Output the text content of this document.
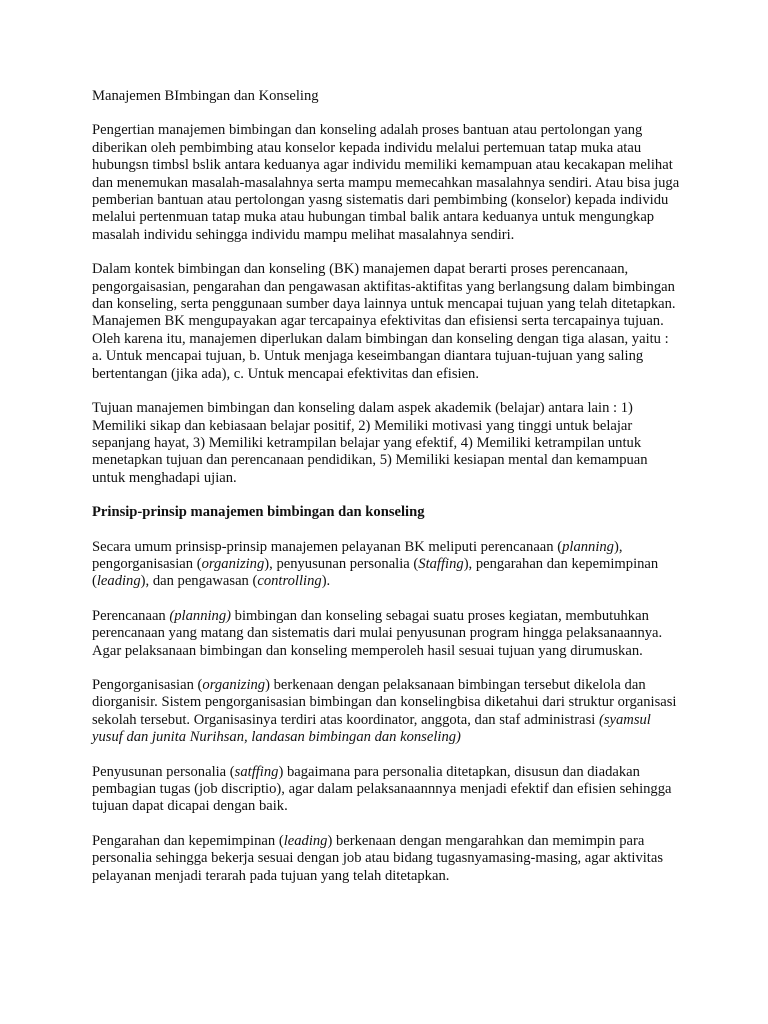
Manajemen BImbingan dan Konseling

Pengertian manajemen bimbingan dan konseling adalah proses bantuan atau pertolongan yang diberikan oleh pembimbing atau konselor kepada individu melalui pertemuan tatap muka atau hubungsn timbsl bslik antara keduanya agar individu memiliki kemampuan atau kecakapan melihat dan menemukan masalah-masalahnya serta mampu memecahkan masalahnya sendiri. Atau bisa juga pemberian bantuan atau pertolongan yasng sistematis dari pembimbing (konselor) kepada individu melalui pertenmuan tatap muka atau hubungan timbal balik antara keduanya untuk mengungkap masalah individu sehingga individu mampu melihat masalahnya sendiri.

Dalam kontek bimbingan dan konseling (BK) manajemen dapat berarti proses perencanaan, pengorgaisasian, pengarahan dan pengawasan aktifitas-aktifitas yang berlangsung dalam bimbingan dan konseling, serta penggunaan sumber daya lainnya untuk mencapai tujuan yang telah ditetapkan. Manajemen BK mengupayakan agar tercapainya efektivitas dan efisiensi serta tercapainya tujuan. Oleh karena itu, manajemen diperlukan dalam bimbingan dan konseling dengan tiga alasan, yaitu : a. Untuk mencapai tujuan, b. Untuk menjaga keseimbangan diantara tujuan-tujuan yang saling bertentangan (jika ada), c. Untuk mencapai efektivitas dan efisien.

Tujuan manajemen bimbingan dan konseling dalam aspek akademik (belajar) antara lain : 1) Memiliki sikap dan kebiasaan belajar positif, 2) Memiliki motivasi yang tinggi untuk belajar sepanjang hayat, 3) Memiliki ketrampilan belajar yang efektif, 4) Memiliki ketrampilan untuk menetapkan tujuan dan perencanaan pendidikan, 5) Memiliki kesiapan mental dan kemampuan untuk menghadapi ujian.

Prinsip-prinsip manajemen bimbingan dan konseling

Secara umum prinsisp-prinsip manajemen pelayanan BK meliputi perencanaan (planning), pengorganisasian (organizing), penyusunan personalia (Staffing), pengarahan dan kepemimpinan (leading), dan pengawasan (controlling).

Perencanaan (planning) bimbingan dan konseling sebagai suatu proses kegiatan, membutuhkan perencanaan yang matang dan sistematis dari mulai penyusunan program hingga pelaksanaannya. Agar pelaksanaan bimbingan dan konseling memperoleh hasil sesuai tujuan yang dirumuskan.

Pengorganisasian (organizing) berkenaan dengan pelaksanaan bimbingan tersebut dikelola dan diorganisir. Sistem pengorganisasian bimbingan dan konselingbisa diketahui dari struktur organisasi sekolah tersebut. Organisasinya terdiri atas koordinator, anggota, dan staf administrasi (syamsul yusuf dan junita Nurihsan, landasan bimbingan dan konseling)

Penyusunan personalia (satffing) bagaimana para personalia ditetapkan, disusun dan diadakan pembagian tugas (job discriptio), agar dalam pelaksanaannnya menjadi efektif dan efisien sehingga tujuan dapat dicapai dengan baik.

Pengarahan dan kepemimpinan (leading) berkenaan dengan mengarahkan dan memimpin para personalia sehingga bekerja sesuai dengan job atau bidang tugasnyamasing-masing, agar aktivitas pelayanan menjadi terarah pada tujuan yang telah ditetapkan.
